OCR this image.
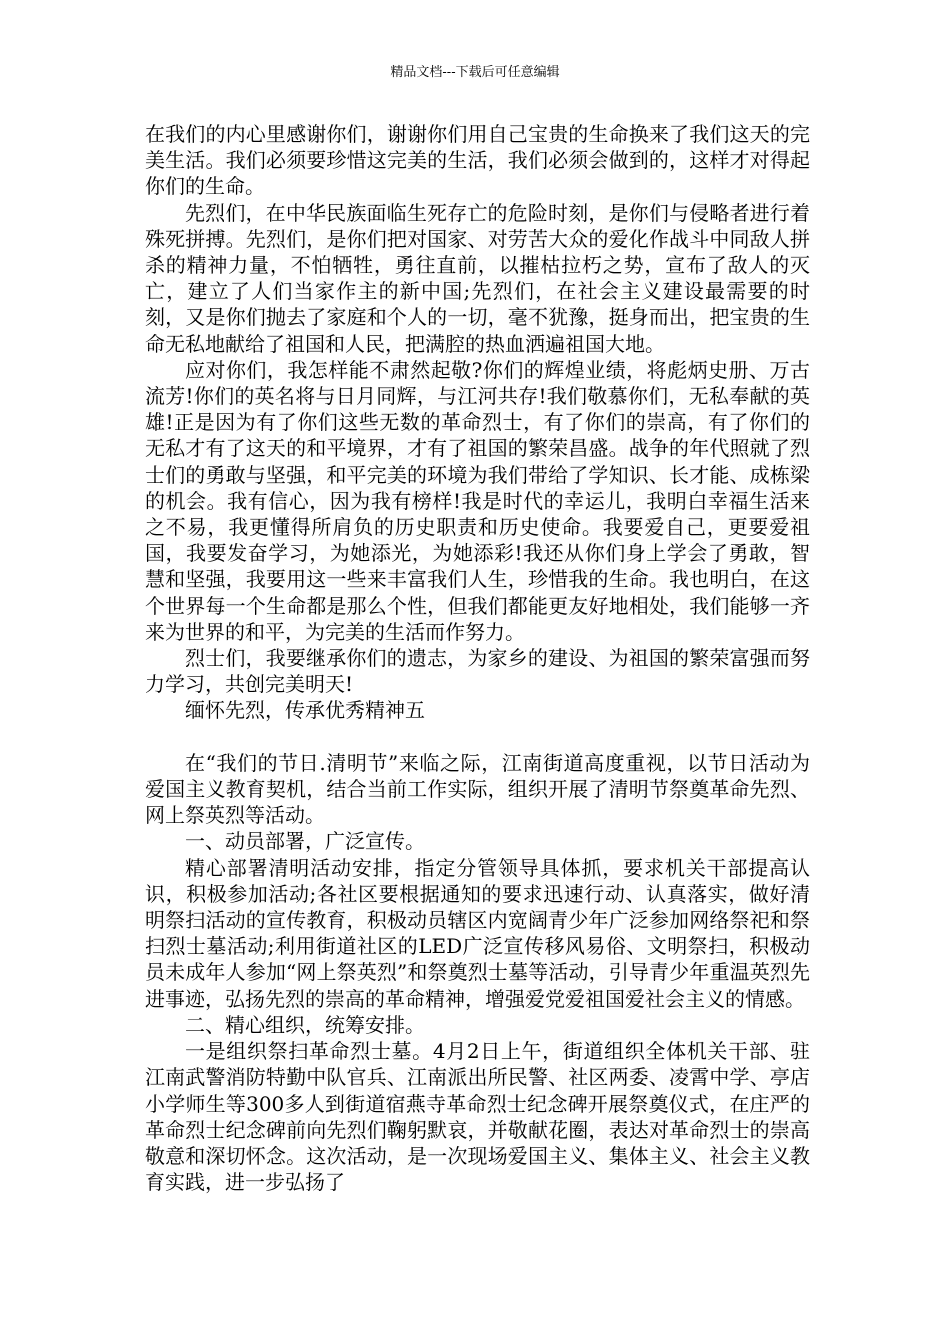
精品文档---下载后可任意编辑

在我们的内心里感谢你们，谢谢你们用自己宝贵的生命换来了我们这天的完美生活。我们必须要珍惜这完美的生活，我们必须会做到的，这样才对得起你们的生命。

先烈们，在中华民族面临生死存亡的危险时刻，是你们与侵略者进行着殊死拼搏。先烈们，是你们把对国家、对劳苦大众的爱化作战斗中同敌人拼杀的精神力量，不怕牺牲，勇往直前，以摧枯拉朽之势，宣布了敌人的灭亡，建立了人们当家作主的新中国;先烈们，在社会主义建设最需要的时刻，又是你们抛去了家庭和个人的一切，毫不犹豫，挺身而出，把宝贵的生命无私地献给了祖国和人民，把满腔的热血洒遍祖国大地。

应对你们，我怎样能不肃然起敬?你们的辉煌业绩，将彪炳史册、万古流芳!你们的英名将与日月同辉，与江河共存!我们敬慕你们，无私奉献的英雄!正是因为有了你们这些无数的革命烈士，有了你们的崇高，有了你们的无私才有了这天的和平境界，才有了祖国的繁荣昌盛。战争的年代照就了烈士们的勇敢与坚强，和平完美的环境为我们带给了学知识、长才能、成栋梁的机会。我有信心，因为我有榜样!我是时代的幸运儿，我明白幸福生活来之不易，我更懂得所肩负的历史职责和历史使命。我要爱自己，更要爱祖国，我要发奋学习，为她添光，为她添彩!我还从你们身上学会了勇敢，智慧和坚强，我要用这一些来丰富我们人生，珍惜我的生命。我也明白，在这个世界每一个生命都是那么个性，但我们都能更友好地相处，我们能够一齐来为世界的和平，为完美的生活而作努力。

烈士们，我要继承你们的遗志，为家乡的建设、为祖国的繁荣富强而努力学习，共创完美明天!

缅怀先烈，传承优秀精神五

在“我们的节日.清明节”来临之际，江南街道高度重视，以节日活动为爱国主义教育契机，结合当前工作实际，组织开展了清明节祭奠革命先烈、网上祭英烈等活动。

一、动员部署，广泛宣传。

精心部署清明活动安排，指定分管领导具体抓，要求机关干部提高认识，积极参加活动;各社区要根据通知的要求迅速行动、认真落实，做好清明祭扫活动的宣传教育，积极动员辖区内宽阔青少年广泛参加网络祭祀和祭扫烈士墓活动;利用街道社区的LED广泛宣传移风易俗、文明祭扫，积极动员未成年人参加“网上祭英烈”和祭奠烈士墓等活动，引导青少年重温英烈先进事迹，弘扬先烈的崇高的革命精神，增强爱党爱祖国爱社会主义的情感。

二、精心组织，统筹安排。

一是组织祭扫革命烈士墓。4月2日上午，街道组织全体机关干部、驻江南武警消防特勤中队官兵、江南派出所民警、社区两委、凌霄中学、亭店小学师生等300多人到街道宿燕寺革命烈士纪念碑开展祭奠仪式，在庄严的革命烈士纪念碑前向先烈们鞠躬默哀，并敬献花圈，表达对革命烈士的崇高敬意和深切怀念。这次活动，是一次现场爱国主义、集体主义、社会主义教育实践，进一步弘扬了
